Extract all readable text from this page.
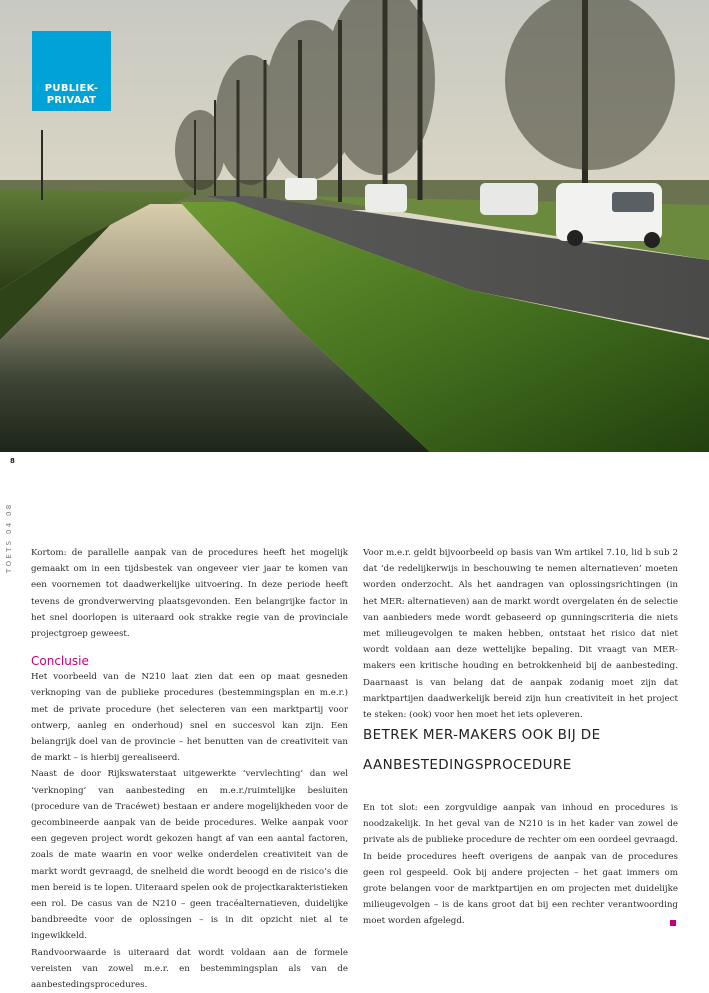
PUBLIEK-
PRIVAAT
8
TOETS 04 08 Kortom: de parallelle aanpak van de procedures heeft het mogelijk gemaakt om in een tijdsbestek van ongeveer vier jaar te komen van een voornemen tot daadwerkelijke uitvoering. In deze periode heeft tevens de grondverwerving plaatsgevonden. Een belangrijke factor in het snel doorlopen is uiteraard ook strakke regie van de provinciale projectgroep geweest.

Conclusie

Het voorbeeld van de N210 laat zien dat een op maat gesneden verknoping van de publieke procedures (bestemmingsplan en m.e.r.) met de private procedure (het selecteren van een marktpartij voor ontwerp, aanleg en onderhoud) snel en succesvol kan zijn. Een belangrijk doel van de provincie – het benutten van de creativiteit van de markt – is hierbij gerealiseerd.

Naast de door Rijkswaterstaat uitgewerkte ‘vervlechting’ dan wel ‘verknoping’ van aanbesteding en m.e.r./ruimtelijke besluiten (procedure van de Tracéwet) bestaan er andere mogelijkheden voor de gecombineerde aanpak van de beide procedures. Welke aanpak voor een gegeven project wordt gekozen hangt af van een aantal factoren, zoals de mate waarin en voor welke onderdelen creativiteit van de markt wordt gevraagd, de snelheid die wordt beoogd en de risico’s die men bereid is te lopen. Uiteraard spelen ook de projectkarakteristieken een rol. De casus van de N210 – geen tracéalternatieven, duidelijke bandbreedte voor de oplossingen – is in dit opzicht niet al te ingewikkeld.

Randvoorwaarde is uiteraard dat wordt voldaan aan de formele vereisten van zowel m.e.r. en bestemmingsplan als van de aanbestedingsprocedures.

Voor m.e.r. geldt bijvoorbeeld op basis van Wm artikel 7.10, lid b sub 2 dat ‘de redelijkerwijs in beschouwing te nemen alternatieven’ moeten worden onderzocht. Als het aandragen van oplossingsrichtingen (in het MER: alternatieven) aan de markt wordt overgelaten én de selectie van aanbieders mede wordt gebaseerd op gunningscriteria die niets met milieugevolgen te maken hebben, ontstaat het risico dat niet wordt voldaan aan deze wettelijke bepaling. Dit vraagt van MER-makers een kritische houding en betrokkenheid bij de aanbesteding. Daarnaast is van belang dat de aanpak zodanig moet zijn dat marktpartijen daadwerkelijk bereid zijn hun creativiteit in het project te steken: (ook) voor hen moet het iets opleveren.

BETREK MER-MAKERS OOK BIJ DE AANBESTEDINGSPROCEDURE

En tot slot: een zorgvuldige aanpak van inhoud en procedures is noodzakelijk. In het geval van de N210 is in het kader van zowel de private als de publieke procedure de rechter om een oordeel gevraagd. In beide procedures heeft overigens de aanpak van de procedures geen rol gespeeld. Ook bij andere projecten – het gaat immers om grote belangen voor de marktpartijen en om projecten met duidelijke milieugevolgen – is de kans groot dat bij een rechter verantwoording moet worden afgelegd.
